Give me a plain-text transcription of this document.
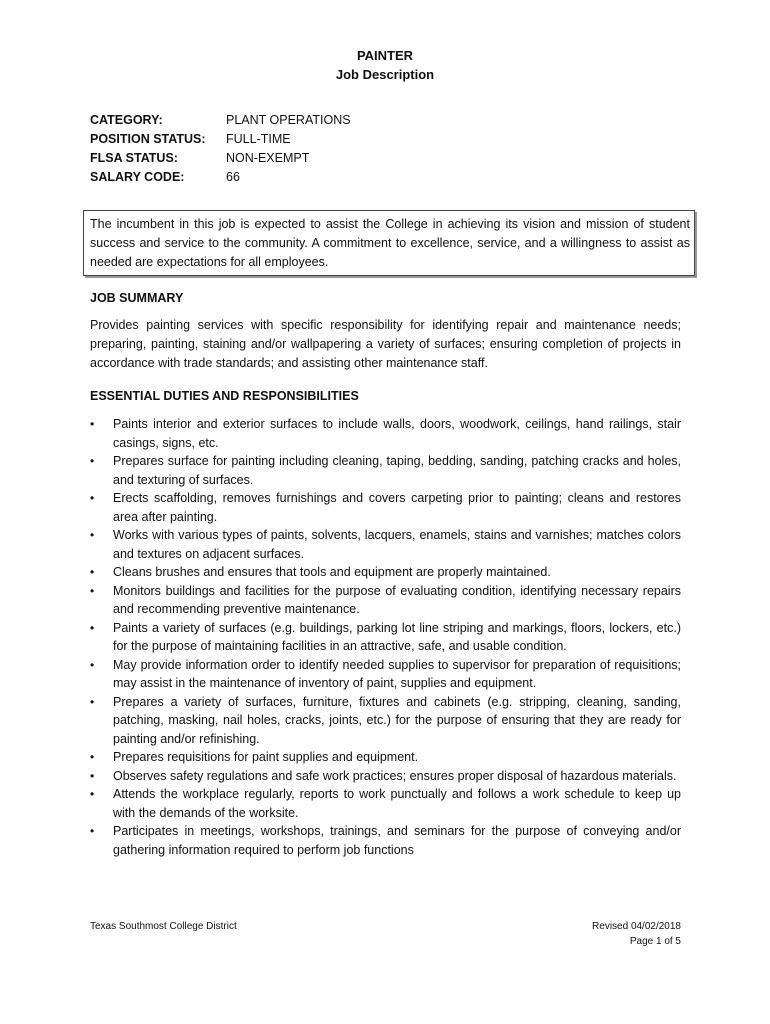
PAINTER
Job Description
CATEGORY:	PLANT OPERATIONS
POSITION STATUS:	FULL-TIME
FLSA STATUS:	NON-EXEMPT
SALARY CODE:	66
The incumbent in this job is expected to assist the College in achieving its vision and mission of student success and service to the community. A commitment to excellence, service, and a willingness to assist as needed are expectations for all employees.
JOB SUMMARY
Provides painting services with specific responsibility for identifying repair and maintenance needs; preparing, painting, staining and/or wallpapering a variety of surfaces; ensuring completion of projects in accordance with trade standards; and assisting other maintenance staff.
ESSENTIAL DUTIES AND RESPONSIBILITIES
• Paints interior and exterior surfaces to include walls, doors, woodwork, ceilings, hand railings, stair casings, signs, etc.
• Prepares surface for painting including cleaning, taping, bedding, sanding, patching cracks and holes, and texturing of surfaces.
• Erects scaffolding, removes furnishings and covers carpeting prior to painting; cleans and restores area after painting.
• Works with various types of paints, solvents, lacquers, enamels, stains and varnishes; matches colors and textures on adjacent surfaces.
• Cleans brushes and ensures that tools and equipment are properly maintained.
• Monitors buildings and facilities for the purpose of evaluating condition, identifying necessary repairs and recommending preventive maintenance.
• Paints a variety of surfaces (e.g. buildings, parking lot line striping and markings, floors, lockers, etc.) for the purpose of maintaining facilities in an attractive, safe, and usable condition.
• May provide information order to identify needed supplies to supervisor for preparation of requisitions; may assist in the maintenance of inventory of paint, supplies and equipment.
• Prepares a variety of surfaces, furniture, fixtures and cabinets (e.g. stripping, cleaning, sanding, patching, masking, nail holes, cracks, joints, etc.) for the purpose of ensuring that they are ready for painting and/or refinishing.
• Prepares requisitions for paint supplies and equipment.
• Observes safety regulations and safe work practices; ensures proper disposal of hazardous materials.
• Attends the workplace regularly, reports to work punctually and follows a work schedule to keep up with the demands of the worksite.
• Participates in meetings, workshops, trainings, and seminars for the purpose of conveying and/or gathering information required to perform job functions
Texas Southmost College District	Revised 04/02/2018
Page 1 of 5
